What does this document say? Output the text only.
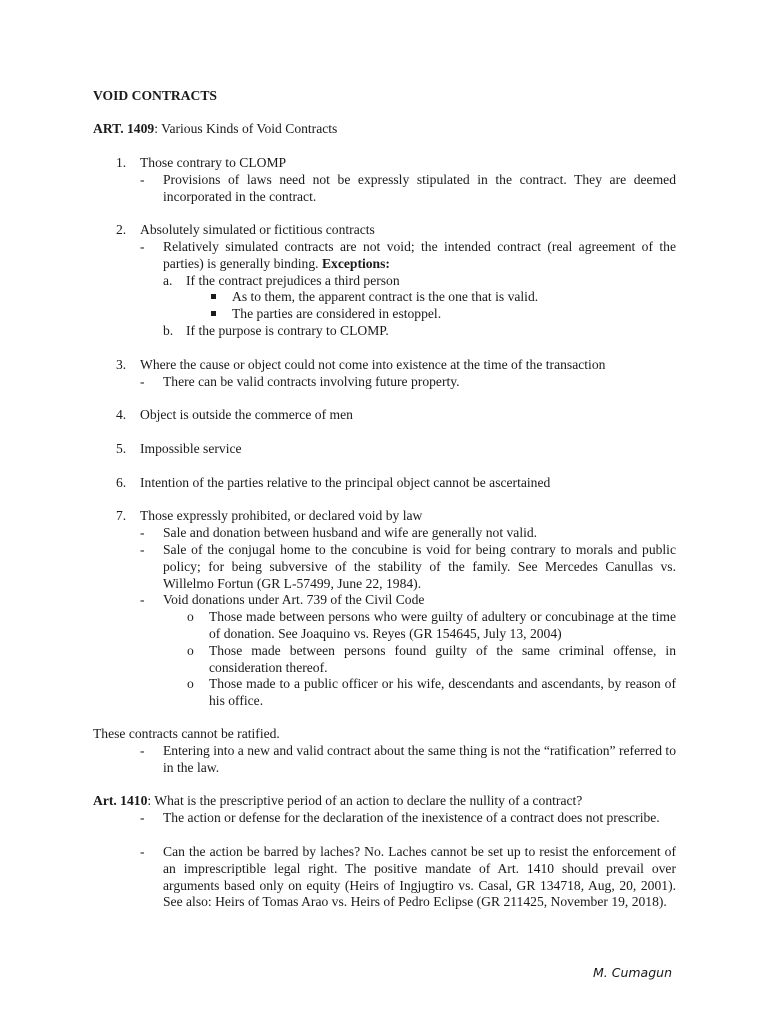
VOID CONTRACTS
ART. 1409: Various Kinds of Void Contracts
1. Those contrary to CLOMP
- Provisions of laws need not be expressly stipulated in the contract. They are deemed incorporated in the contract.
2. Absolutely simulated or fictitious contracts
- Relatively simulated contracts are not void; the intended contract (real agreement of the parties) is generally binding. Exceptions:
a. If the contract prejudices a third person
As to them, the apparent contract is the one that is valid.
The parties are considered in estoppel.
b. If the purpose is contrary to CLOMP.
3. Where the cause or object could not come into existence at the time of the transaction
- There can be valid contracts involving future property.
4. Object is outside the commerce of men
5. Impossible service
6. Intention of the parties relative to the principal object cannot be ascertained
7. Those expressly prohibited, or declared void by law
- Sale and donation between husband and wife are generally not valid.
- Sale of the conjugal home to the concubine is void for being contrary to morals and public policy; for being subversive of the stability of the family. See Mercedes Canullas vs. Willelmo Fortun (GR L-57499, June 22, 1984).
- Void donations under Art. 739 of the Civil Code
o Those made between persons who were guilty of adultery or concubinage at the time of donation. See Joaquino vs. Reyes (GR 154645, July 13, 2004)
o Those made between persons found guilty of the same criminal offense, in consideration thereof.
o Those made to a public officer or his wife, descendants and ascendants, by reason of his office.
These contracts cannot be ratified.
- Entering into a new and valid contract about the same thing is not the “ratification” referred to in the law.
Art. 1410: What is the prescriptive period of an action to declare the nullity of a contract?
- The action or defense for the declaration of the inexistence of a contract does not prescribe.
- Can the action be barred by laches? No. Laches cannot be set up to resist the enforcement of an imprescriptible legal right. The positive mandate of Art. 1410 should prevail over arguments based only on equity (Heirs of Ingjugtiro vs. Casal, GR 134718, Aug, 20, 2001). See also: Heirs of Tomas Arao vs. Heirs of Pedro Eclipse (GR 211425, November 19, 2018).
M. Cumagun
